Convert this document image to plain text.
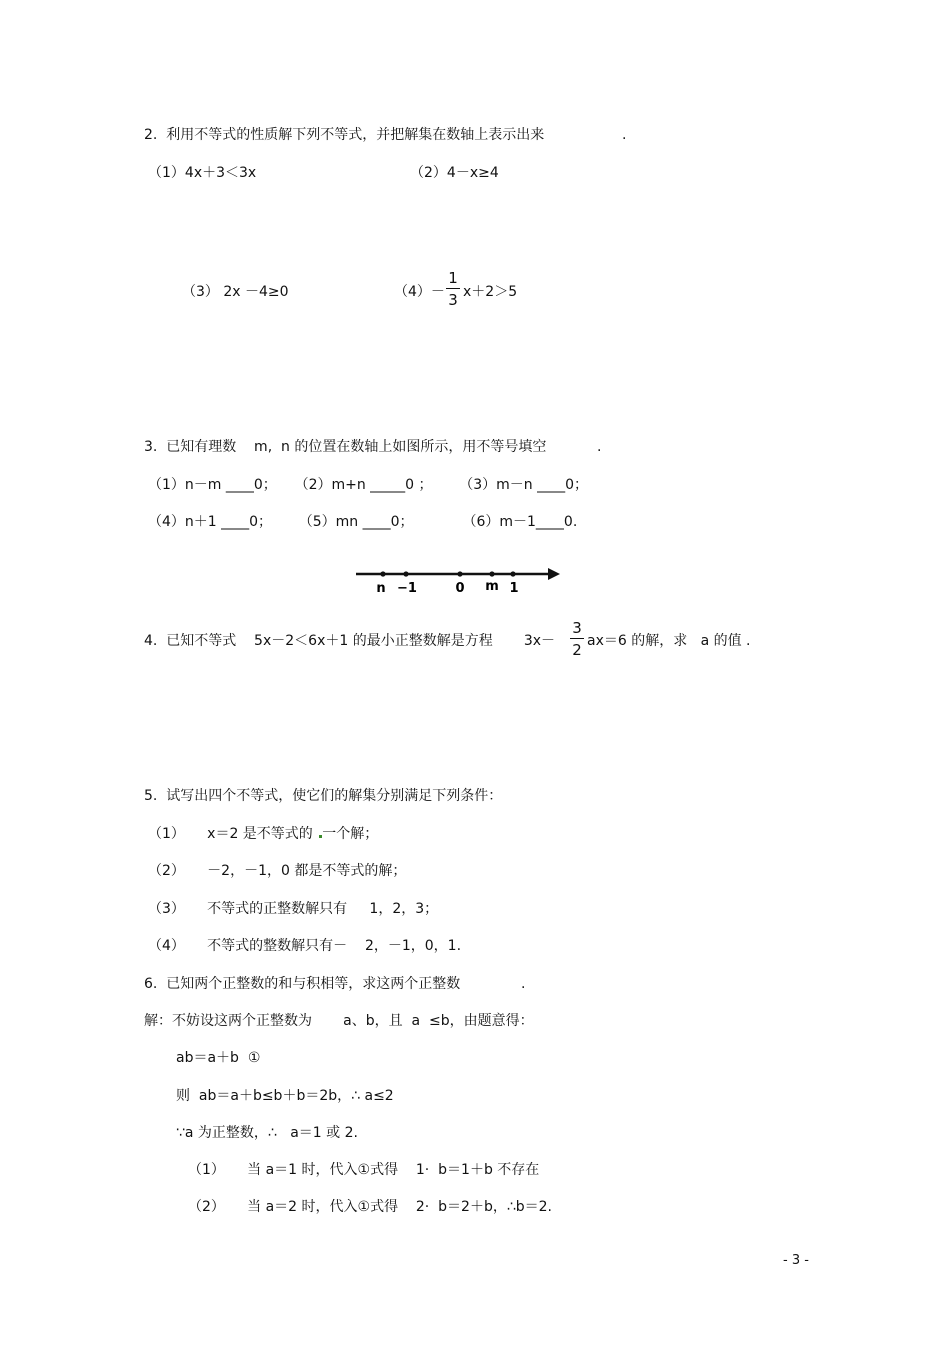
2.  利用不等式的性质解下列不等式，并把解集在数轴上表示出来	.
（1）4x＋3＜3x	（2）4－x≥4
（3） 2x －4≥0	（4）－
1
3 x＋2＞5
3.  已知有理数    m,  n 的位置在数轴上如图所示，用不等号填空	.
（1）n－m ____0；    （2）m+n _____0 ；      （3）m－n ____0；
（4）n＋1 ____0；      （5）mn ____0；           （6）m－1____0.
n −1	0 m 1
4.  已知不等式    5x－2＜6x＋1 的最小正整数解是方程       3x－
3
2 ax＝6 的解，求   a 的值 .
5.  试写出四个不等式，使它们的解集分别满足下列条件：
（1）     x＝2 是不等式的 一个解；
（2）     －2，－1，0 都是不等式的解；
（3）     不等式的正整数解只有     1，2，3；
（4）     不等式的整数解只有－    2，－1，0，1.
6.  已知两个正整数的和与积相等，求这两个正整数	.
解：不妨设这两个正整数为       a、b，且  a  ≤b，由题意得：
ab＝a＋b  ①
则  ab＝a＋b≤b＋b＝2b，∴ a≤2
∵a 为正整数，∴   a＝1 或 2.
（1）     当 a＝1 时，代入①式得    1·  b＝1＋b 不存在
（2）     当 a＝2 时，代入①式得    2·  b＝2＋b，∴b＝2.
- 3 -
